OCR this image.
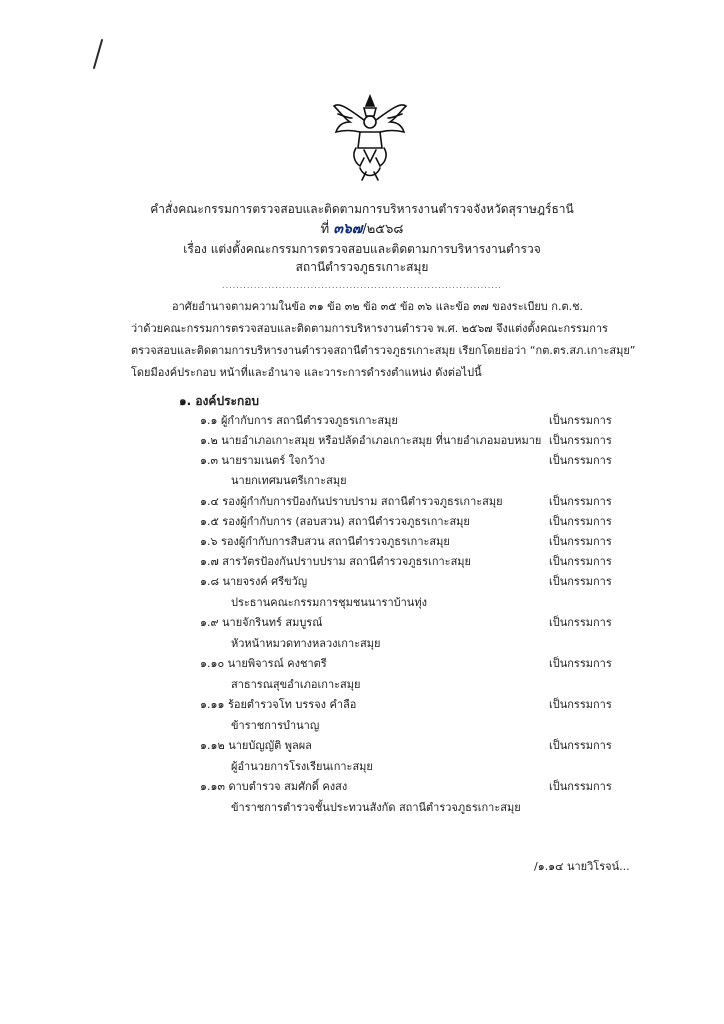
คำสั่งคณะกรรมการตรวจสอบและติดตามการบริหารงานตำรวจจังหวัดสุราษฎร์ธานี
ที่ ๓๖๗/๒๕๖๘
เรื่อง แต่งตั้งคณะกรรมการตรวจสอบและติดตามการบริหารงานตำรวจ
สถานีตำรวจภูธรเกาะสมุย
...............................................................................
อาศัยอำนาจตามความในข้อ ๓๑ ข้อ ๓๒ ข้อ ๓๕ ข้อ ๓๖ และข้อ ๓๗ ของระเบียบ ก.ต.ช.
ว่าด้วยคณะกรรมการตรวจสอบและติดตามการบริหารงานตำรวจ พ.ศ. ๒๕๖๗ จึงแต่งตั้งคณะกรรมการ
ตรวจสอบและติดตามการบริหารงานตำรวจสถานีตำรวจภูธรเกาะสมุย เรียกโดยย่อว่า “กต.ตร.สภ.เกาะสมุย”
โดยมีองค์ประกอบ หน้าที่และอำนาจ และวาระการดำรงตำแหน่ง ดังต่อไปนี้
๑. องค์ประกอบ
๑.๑ ผู้กำกับการ สถานีตำรวจภูธรเกาะสมุย	เป็นกรรมการ
๑.๒ นายอำเภอเกาะสมุย หรือปลัดอำเภอเกาะสมุย ที่นายอำเภอมอบหมาย เป็นกรรมการ
๑.๓ นายรามเนตร์ ใจกว้าง	เป็นกรรมการ
นายกเทศมนตรีเกาะสมุย
๑.๔ รองผู้กำกับการป้องกันปราบปราม สถานีตำรวจภูธรเกาะสมุย	เป็นกรรมการ
๑.๕ รองผู้กำกับการ (สอบสวน) สถานีตำรวจภูธรเกาะสมุย	เป็นกรรมการ
๑.๖ รองผู้กำกับการสืบสวน สถานีตำรวจภูธรเกาะสมุย	เป็นกรรมการ
๑.๗ สารวัตรป้องกันปราบปราม สถานีตำรวจภูธรเกาะสมุย	เป็นกรรมการ
๑.๘ นายจรงค์ ศรีขวัญ	เป็นกรรมการ
ประธานคณะกรรมการชุมชนนาราบ้านทุ่ง
๑.๙ นายจักรินทร์ สมบูรณ์	เป็นกรรมการ
หัวหน้าหมวดทางหลวงเกาะสมุย
๑.๑๐ นายพิจารณ์ คงชาตรี	เป็นกรรมการ
สาธารณสุขอำเภอเกาะสมุย
๑.๑๑ ร้อยตำรวจโท บรรจง คำลือ	เป็นกรรมการ
ข้าราชการบำนาญ
๑.๑๒ นายบัญญัติ พูลผล	เป็นกรรมการ
ผู้อำนวยการโรงเรียนเกาะสมุย
๑.๑๓ ดาบตำรวจ สมศักดิ์ คงสง	เป็นกรรมการ
ข้าราชการตำรวจชั้นประทวนสังกัด สถานีตำรวจภูธรเกาะสมุย
/๑.๑๔ นายวิโรจน์...
